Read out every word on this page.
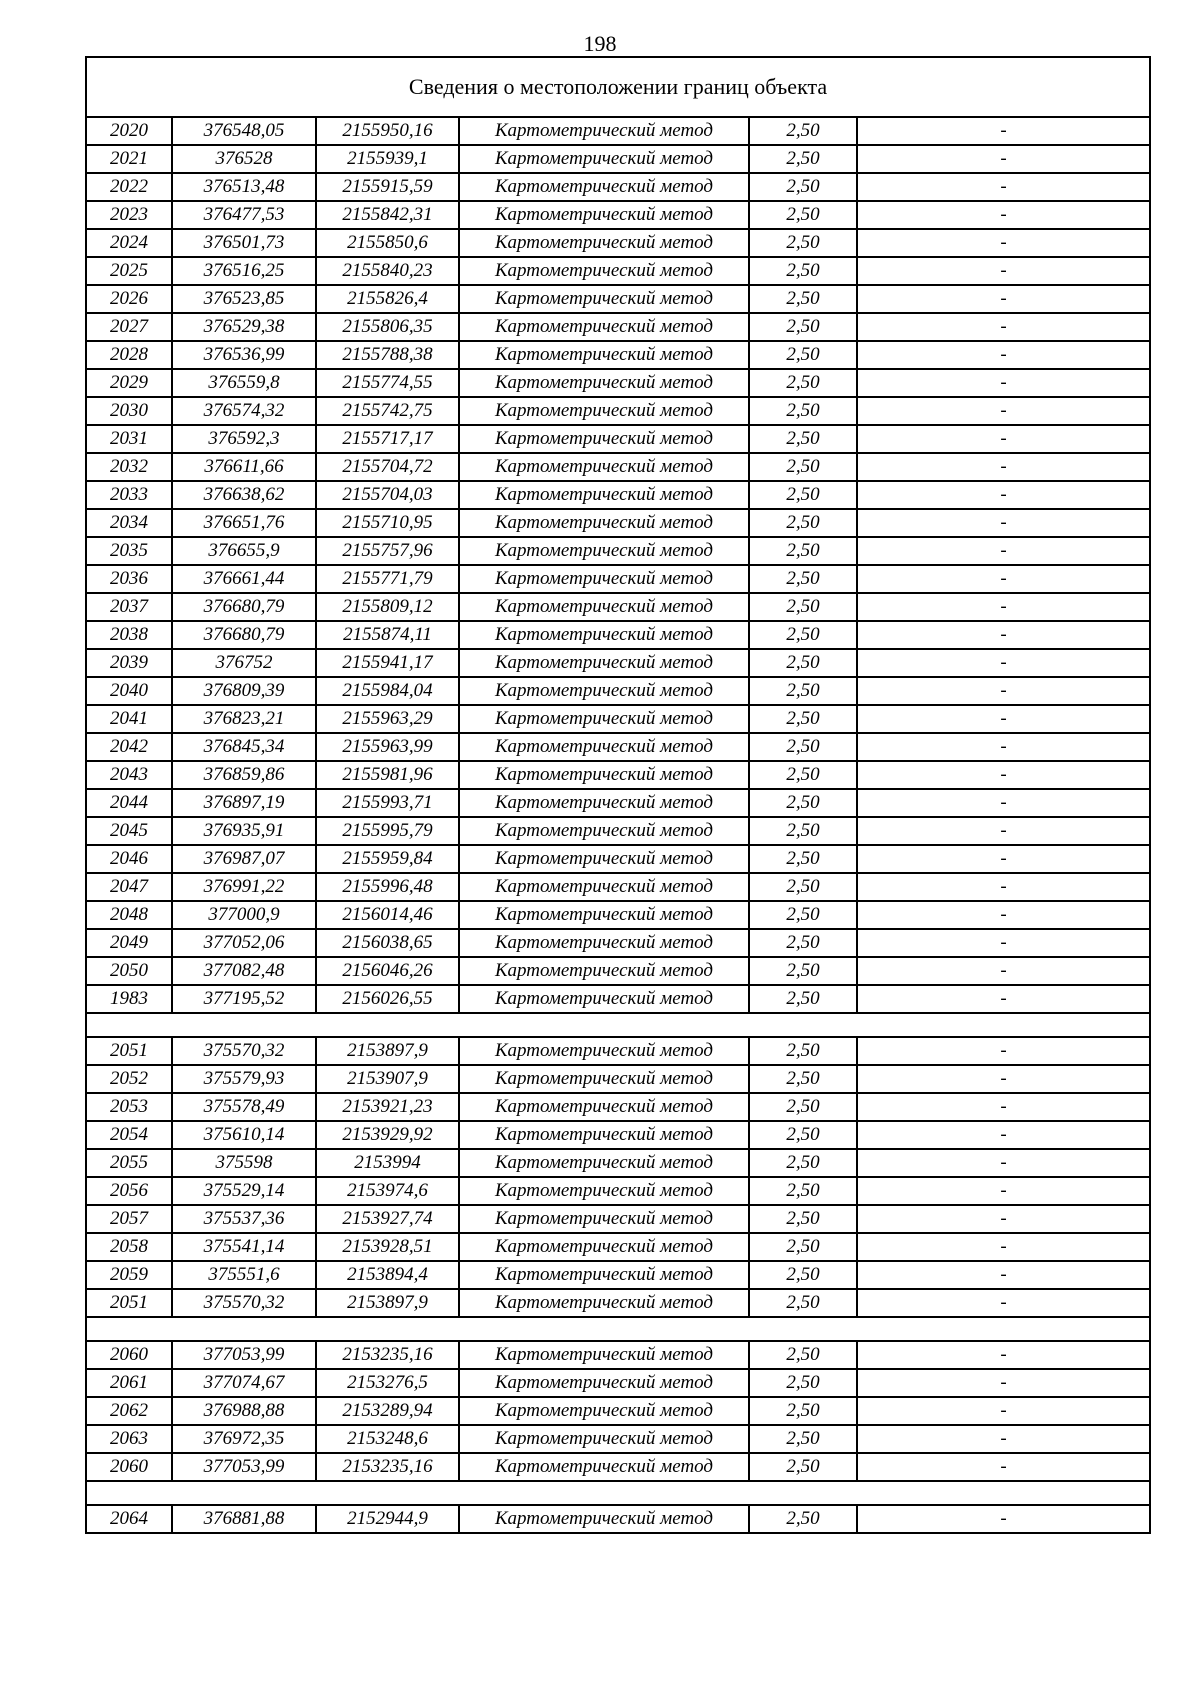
198
Сведения о местоположении границ объекта					
2020	376548,05	2155950,16	Картометрический метод	2,50	-
2021	376528	2155939,1	Картометрический метод	2,50	-
2022	376513,48	2155915,59	Картометрический метод	2,50	-
2023	376477,53	2155842,31	Картометрический метод	2,50	-
2024	376501,73	2155850,6	Картометрический метод	2,50	-
2025	376516,25	2155840,23	Картометрический метод	2,50	-
2026	376523,85	2155826,4	Картометрический метод	2,50	-
2027	376529,38	2155806,35	Картометрический метод	2,50	-
2028	376536,99	2155788,38	Картометрический метод	2,50	-
2029	376559,8	2155774,55	Картометрический метод	2,50	-
2030	376574,32	2155742,75	Картометрический метод	2,50	-
2031	376592,3	2155717,17	Картометрический метод	2,50	-
2032	376611,66	2155704,72	Картометрический метод	2,50	-
2033	376638,62	2155704,03	Картометрический метод	2,50	-
2034	376651,76	2155710,95	Картометрический метод	2,50	-
2035	376655,9	2155757,96	Картометрический метод	2,50	-
2036	376661,44	2155771,79	Картометрический метод	2,50	-
2037	376680,79	2155809,12	Картометрический метод	2,50	-
2038	376680,79	2155874,11	Картометрический метод	2,50	-
2039	376752	2155941,17	Картометрический метод	2,50	-
2040	376809,39	2155984,04	Картометрический метод	2,50	-
2041	376823,21	2155963,29	Картометрический метод	2,50	-
2042	376845,34	2155963,99	Картометрический метод	2,50	-
2043	376859,86	2155981,96	Картометрический метод	2,50	-
2044	376897,19	2155993,71	Картометрический метод	2,50	-
2045	376935,91	2155995,79	Картометрический метод	2,50	-
2046	376987,07	2155959,84	Картометрический метод	2,50	-
2047	376991,22	2155996,48	Картометрический метод	2,50	-
2048	377000,9	2156014,46	Картометрический метод	2,50	-
2049	377052,06	2156038,65	Картометрический метод	2,50	-
2050	377082,48	2156046,26	Картометрический метод	2,50	-
1983	377195,52	2156026,55	Картометрический метод	2,50	-

2051	375570,32	2153897,9	Картометрический метод	2,50	-
2052	375579,93	2153907,9	Картометрический метод	2,50	-
2053	375578,49	2153921,23	Картометрический метод	2,50	-
2054	375610,14	2153929,92	Картометрический метод	2,50	-
2055	375598	2153994	Картометрический метод	2,50	-
2056	375529,14	2153974,6	Картометрический метод	2,50	-
2057	375537,36	2153927,74	Картометрический метод	2,50	-
2058	375541,14	2153928,51	Картометрический метод	2,50	-
2059	375551,6	2153894,4	Картометрический метод	2,50	-
2051	375570,32	2153897,9	Картометрический метод	2,50	-

2060	377053,99	2153235,16	Картометрический метод	2,50	-
2061	377074,67	2153276,5	Картометрический метод	2,50	-
2062	376988,88	2153289,94	Картометрический метод	2,50	-
2063	376972,35	2153248,6	Картометрический метод	2,50	-
2060	377053,99	2153235,16	Картометрический метод	2,50	-

2064	376881,88	2152944,9	Картометрический метод	2,50	-
